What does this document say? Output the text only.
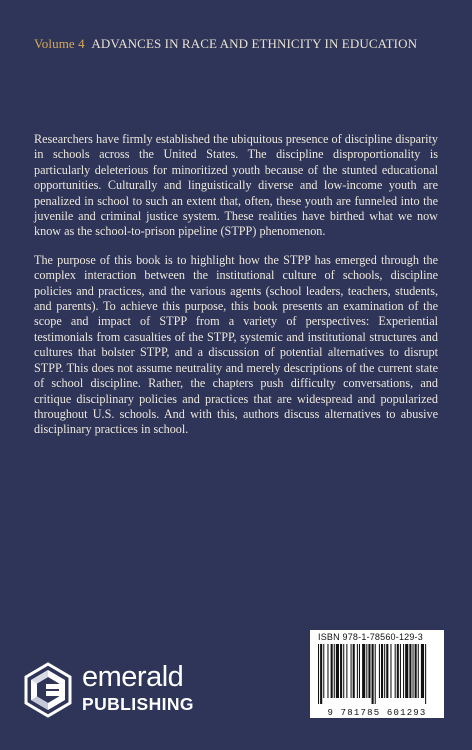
Volume 4 ADVANCES IN RACE AND ETHNICITY IN EDUCATION

Researchers have firmly established the ubiquitous presence of discipline disparity in schools across the United States. The discipline disproportionality is particularly deleterious for minoritized youth because of the stunted educational opportunities. Culturally and linguistically diverse and low-income youth are penalized in school to such an extent that, often, these youth are funneled into the juvenile and criminal justice system. These realities have birthed what we now know as the school-to-prison pipeline (STPP) phenomenon.

The purpose of this book is to highlight how the STPP has emerged through the complex interaction between the institutional culture of schools, discipline policies and practices, and the various agents (school leaders, teachers, students, and parents). To achieve this purpose, this book presents an examination of the scope and impact of STPP from a variety of perspectives: Experiential testimonials from casualties of the STPP, systemic and institutional structures and cultures that bolster STPP, and a discussion of potential alternatives to disrupt STPP. This does not assume neutrality and merely descriptions of the current state of school discipline. Rather, the chapters push difficulty conversations, and critique disciplinary policies and practices that are widespread and popularized throughout U.S. schools. And with this, authors discuss alternatives to abusive disciplinary practices in school.

ISBN 978-1-78560-129-3
9 781785 601293
emerald
PUBLISHING
